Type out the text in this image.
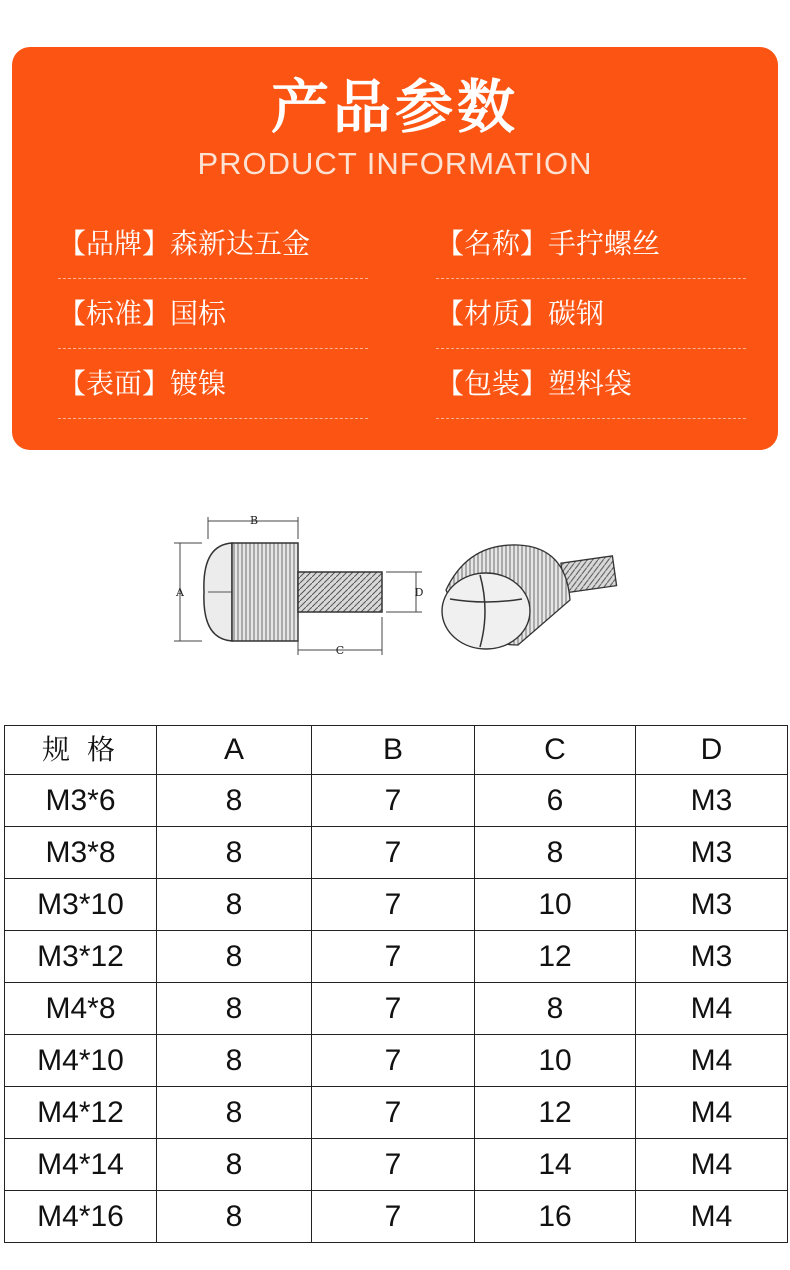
产品参数
PRODUCT INFORMATION
【品牌】森新达五金	【名称】手拧螺丝
【标准】国标	【材质】碳钢
【表面】镀镍	【包装】塑料袋
B
A	D
C
规 格	A	B	C	D
M3*6	8	7	6	M3
M3*8	8	7	8	M3
M3*10	8	7	10	M3
M3*12	8	7	12	M3
M4*8	8	7	8	M4
M4*10	8	7	10	M4
M4*12	8	7	12	M4
M4*14	8	7	14	M4
M4*16	8	7	16	M4
